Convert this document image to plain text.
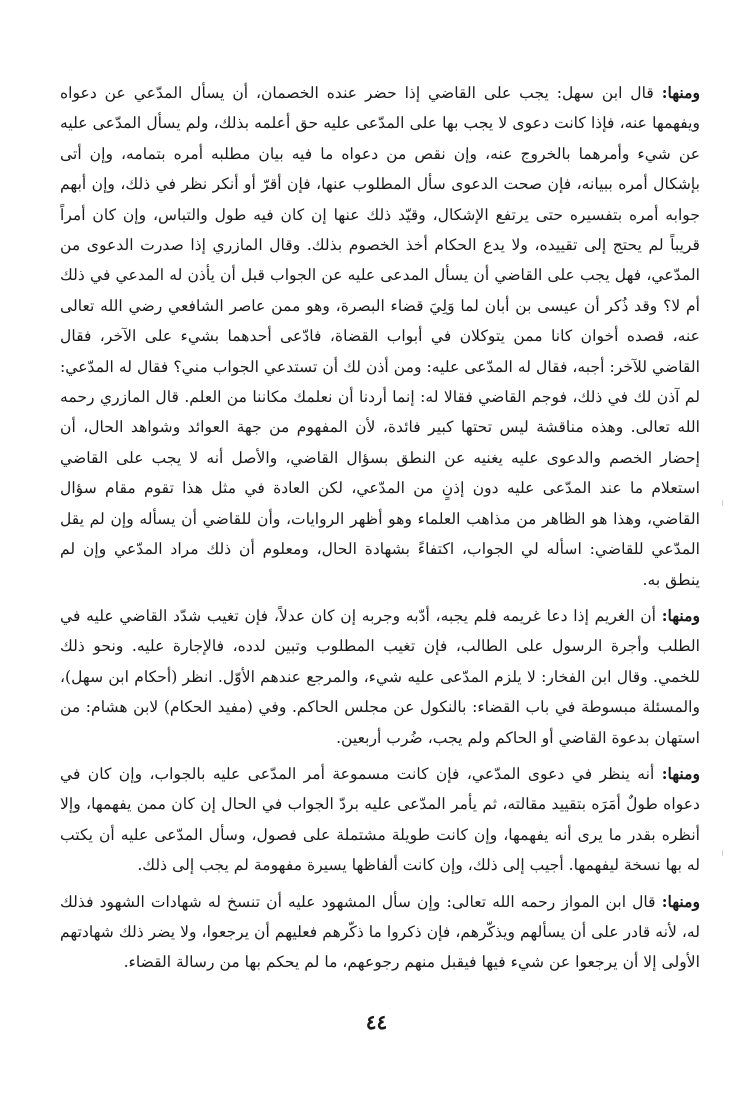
ومنها: قال ابن سهل: يجب على القاضي إذا حضر عنده الخصمان، أن يسأل المدّعي عن دعواه ويفهمها عنه، فإذا كانت دعوى لا يجب بها على المدّعى عليه حق أعلمه بذلك، ولم يسأل المدّعى عليه عن شيء وأمرهما بالخروج عنه، وإن نقص من دعواه ما فيه بيان مطلبه أمره بتمامه، وإن أتى بإشكال أمره ببيانه، فإن صحت الدعوى سأل المطلوب عنها، فإن أقرّ أو أنكر نظر في ذلك، وإن أبهم جوابه أمره بتفسيره حتى يرتفع الإشكال، وقيّد ذلك عنها إن كان فيه طول والتباس، وإن كان أمراً قريباً لم يحتج إلى تقييده، ولا يدع الحكام أخذ الخصوم بذلك. وقال المازري إذا صدرت الدعوى من المدّعي، فهل يجب على القاضي أن يسأل المدعى عليه عن الجواب قبل أن يأذن له المدعي في ذلك أم لا؟ وقد ذُكر أن عيسى بن أبان لما وَلِيَ قضاء البصرة، وهو ممن عاصر الشافعي رضي الله تعالى عنه، قصده أخوان كانا ممن يتوكلان في أبواب القضاة، فادّعى أحدهما بشيء على الآخر، فقال القاضي للآخر: أجبه، فقال له المدّعى عليه: ومن أذن لك أن تستدعي الجواب مني؟ فقال له المدّعي: لم آذن لك في ذلك، فوجم القاضي فقالا له: إنما أردنا أن نعلمك مكاننا من العلم. قال المازري رحمه الله تعالى. وهذه مناقشة ليس تحتها كبير فائدة، لأن المفهوم من جهة العوائد وشواهد الحال، أن إحضار الخصم والدعوى عليه يغنيه عن النطق بسؤال القاضي، والأصل أنه لا يجب على القاضي استعلام ما عند المدّعى عليه دون إذنٍ من المدّعي، لكن العادة في مثل هذا تقوم مقام سؤال القاضي، وهذا هو الظاهر من مذاهب العلماء وهو أظهر الروايات، وأن للقاضي أن يسأله وإن لم يقل المدّعي للقاضي: اسأله لي الجواب، اكتفاءً بشهادة الحال، ومعلوم أن ذلك مراد المدّعي وإن لم ينطق به.

ومنها: أن الغريم إذا دعا غريمه فلم يجبه، أدّبه وجربه إن كان عدلاً، فإن تغيب شدّد القاضي عليه في الطلب وأجرة الرسول على الطالب، فإن تغيب المطلوب وتبين لدده، فالإجارة عليه. ونحو ذلك للخمي. وقال ابن الفخار: لا يلزم المدّعى عليه شيء، والمرجع عندهم الأوّل. انظر (أحكام ابن سهل)، والمسئلة مبسوطة في باب القضاء: بالنكول عن مجلس الحاكم. وفي (مفيد الحكام) لابن هشام: من استهان بدعوة القاضي أو الحاكم ولم يجب، ضُرب أربعين.

ومنها: أنه ينظر في دعوى المدّعي، فإن كانت مسموعة أمر المدّعى عليه بالجواب، وإن كان في دعواه طولٌ أمَرَه بتقييد مقالته، ثم يأمر المدّعى عليه بردّ الجواب في الحال إن كان ممن يفهمها، وإلا أنظره بقدر ما يرى أنه يفهمها، وإن كانت طويلة مشتملة على فصول، وسأل المدّعى عليه أن يكتب له بها نسخة ليفهمها. أجيب إلى ذلك، وإن كانت ألفاظها يسيرة مفهومة لم يجب إلى ذلك.

ومنها: قال ابن المواز رحمه الله تعالى: وإن سأل المشهود عليه أن تنسخ له شهادات الشهود فذلك له، لأنه قادر على أن يسألهم ويذكّرهم، فإن ذكروا ما ذكّرهم فعليهم أن يرجعوا، ولا يضر ذلك شهادتهم الأولى إلا أن يرجعوا عن شيء فيها فيقبل منهم رجوعهم، ما لم يحكم بها من رسالة القضاء.

٤٤
